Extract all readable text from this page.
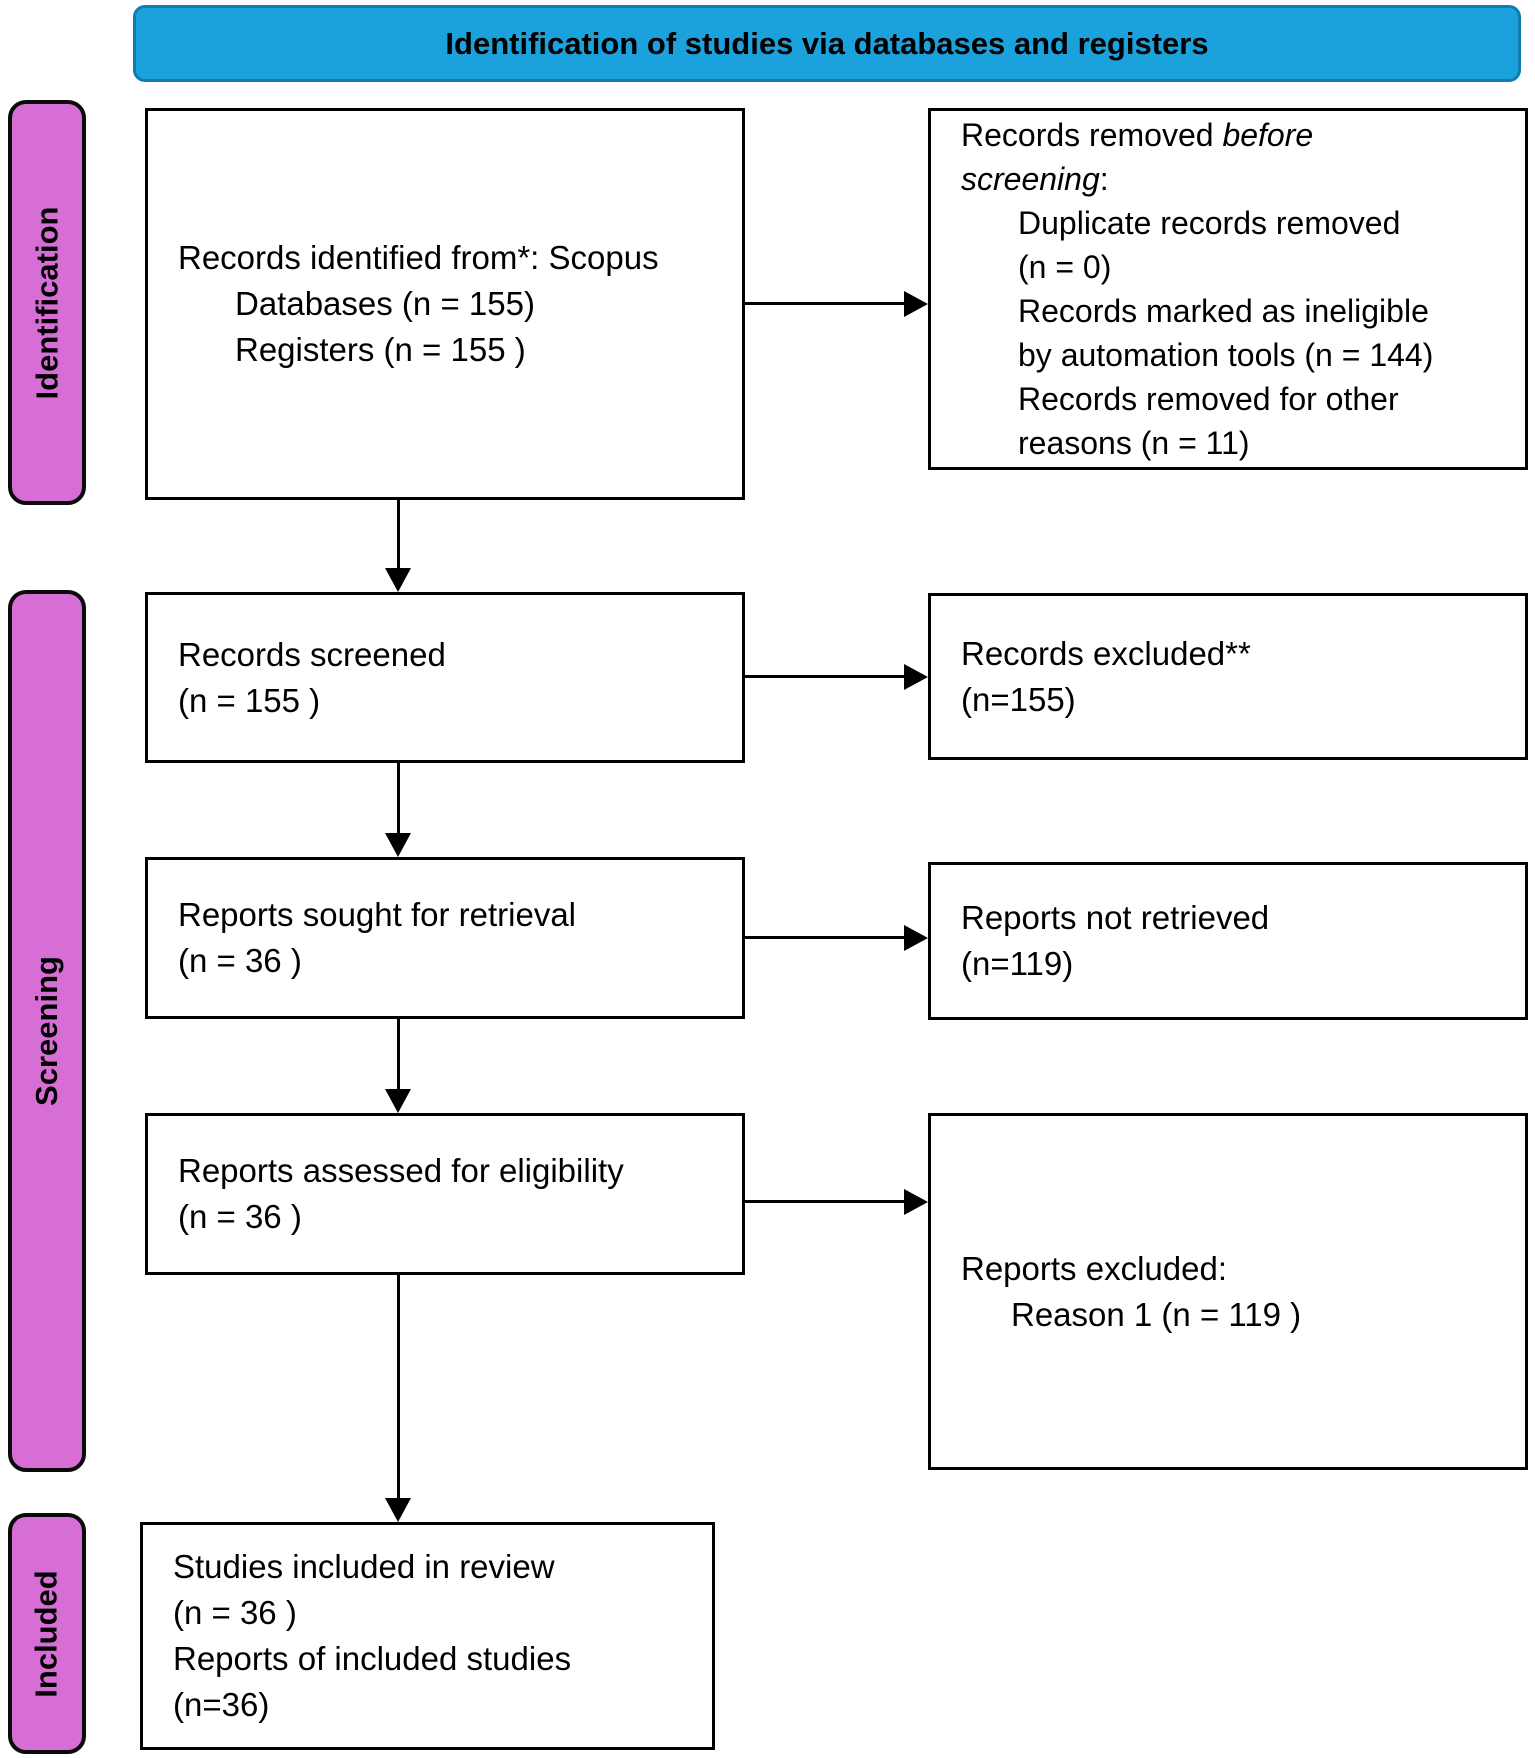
Identification of studies via databases and registers
Identification
Screening
Included
Records identified from*: Scopus
Databases (n = 155)
Registers (n = 155 )
Records screened
(n = 155 )
Reports sought for retrieval
(n = 36 )
Reports assessed for eligibility
(n = 36 )
Studies included in review
(n = 36 )
Reports of included studies
(n=36)
Records removed before
screening:
Duplicate records removed
(n = 0)
Records marked as ineligible
by automation tools (n = 144)
Records removed for other
reasons (n = 11)
Records excluded**
(n=155)
Reports not retrieved
(n=119)
Reports excluded:
Reason 1 (n = 119 )
